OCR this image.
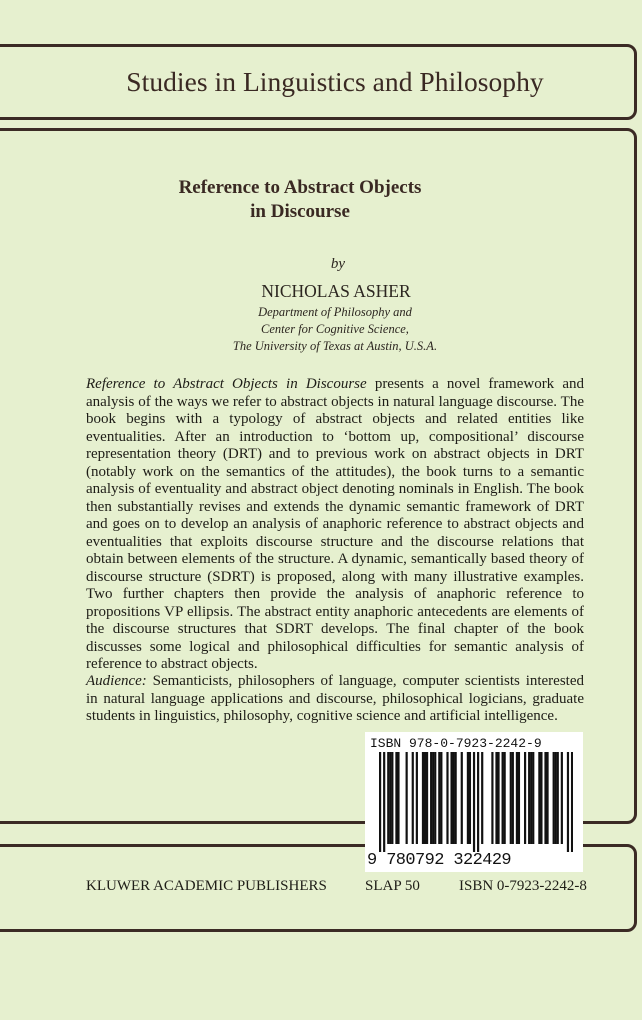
Studies in Linguistics and Philosophy
Reference to Abstract Objects
in Discourse
by
NICHOLAS ASHER
Department of Philosophy and
Center for Cognitive Science,
The University of Texas at Austin, U.S.A.

Reference to Abstract Objects in Discourse presents a novel framework and analysis of the ways we refer to abstract objects in natural language discourse. The book begins with a typology of abstract objects and related entities like eventualities. After an introduction to ‘bottom up, compositional’ discourse representation theory (DRT) and to previous work on abstract objects in DRT (notably work on the semantics of the attitudes), the book turns to a semantic analysis of eventuality and abstract object denoting nominals in English. The book then substantially revises and extends the dynamic semantic framework of DRT and goes on to develop an analysis of anaphoric reference to abstract objects and eventualities that exploits discourse structure and the discourse relations that obtain between elements of the structure. A dynamic, semantically based theory of discourse structure (SDRT) is proposed, along with many illustrative examples. Two further chapters then provide the analysis of anaphoric reference to propositions VP ellipsis. The abstract entity anaphoric antecedents are elements of the discourse structures that SDRT develops. The final chapter of the book discusses some logical and philosophical difficulties for semantic analysis of reference to abstract objects.

Audience: Semanticists, philosophers of language, computer scientists interested in natural language applications and discourse, philosophical logicians, graduate students in linguistics, philosophy, cognitive science and artificial intelligence.

ISBN 978-0-7923-2242-9
9 780792 322429
KLUWER ACADEMIC PUBLISHERS	SLAP 50	ISBN 0-7923-2242-8
